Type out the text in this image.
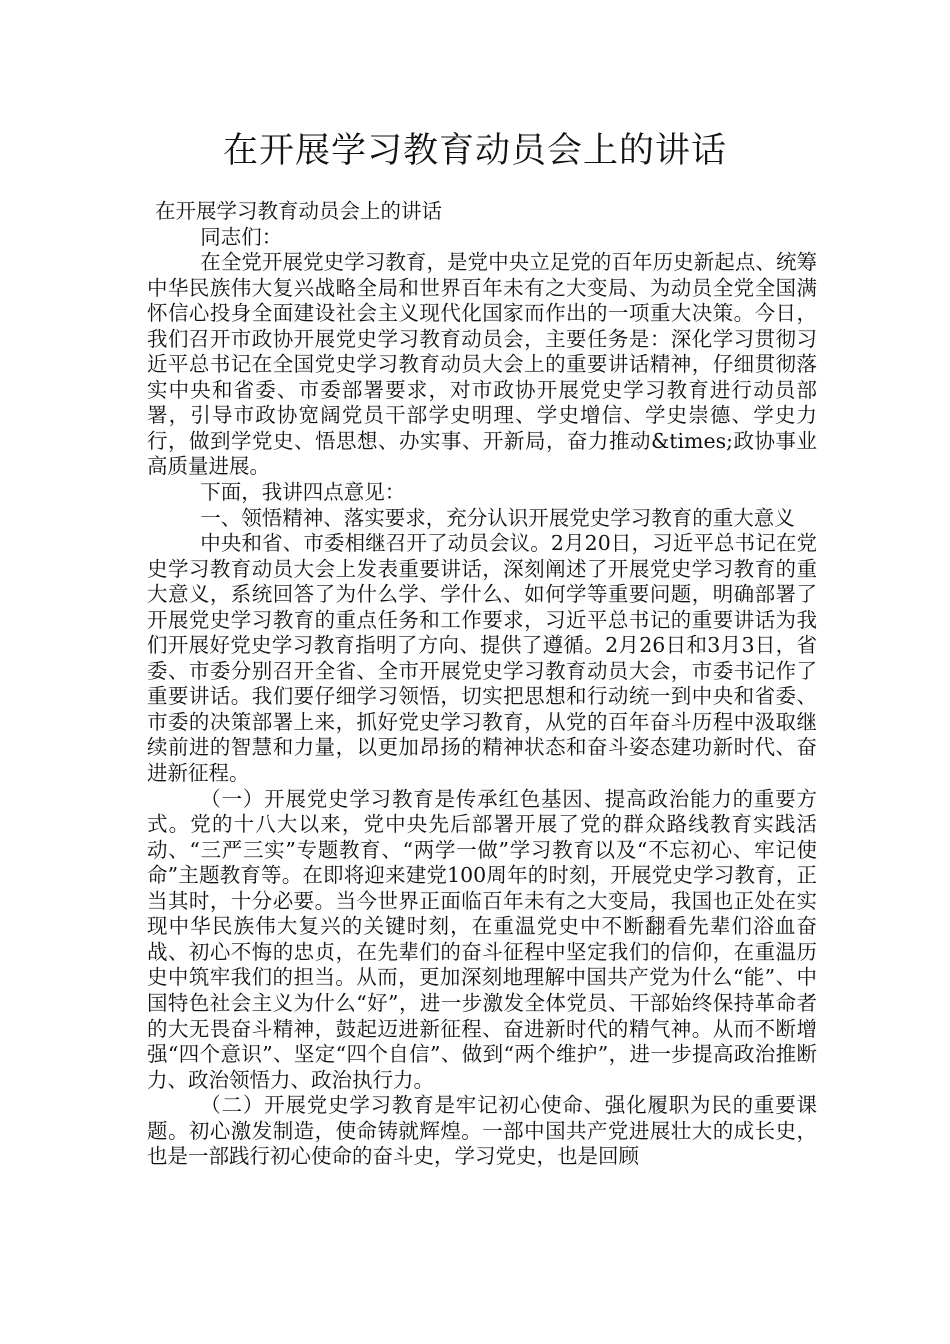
在开展学习教育动员会上的讲话

在开展学习教育动员会上的讲话

同志们：

在全党开展党史学习教育，是党中央立足党的百年历史新起点、统筹中华民族伟大复兴战略全局和世界百年未有之大变局、为动员全党全国满怀信心投身全面建设社会主义现代化国家而作出的一项重大决策。今日，我们召开市政协开展党史学习教育动员会，主要任务是：深化学习贯彻习近平总书记在全国党史学习教育动员大会上的重要讲话精神，仔细贯彻落实中央和省委、市委部署要求，对市政协开展党史学习教育进行动员部署，引导市政协宽阔党员干部学史明理、学史增信、学史崇德、学史力行，做到学党史、悟思想、办实事、开新局，奋力推动&times;政协事业高质量进展。

下面，我讲四点意见：

一、领悟精神、落实要求，充分认识开展党史学习教育的重大意义

中央和省、市委相继召开了动员会议。2月20日，习近平总书记在党史学习教育动员大会上发表重要讲话，深刻阐述了开展党史学习教育的重大意义，系统回答了为什么学、学什么、如何学等重要问题，明确部署了开展党史学习教育的重点任务和工作要求，习近平总书记的重要讲话为我们开展好党史学习教育指明了方向、提供了遵循。2月26日和3月3日，省委、市委分别召开全省、全市开展党史学习教育动员大会，市委书记作了重要讲话。我们要仔细学习领悟，切实把思想和行动统一到中央和省委、市委的决策部署上来，抓好党史学习教育，从党的百年奋斗历程中汲取继续前进的智慧和力量，以更加昂扬的精神状态和奋斗姿态建功新时代、奋进新征程。

（一）开展党史学习教育是传承红色基因、提高政治能力的重要方式。党的十八大以来，党中央先后部署开展了党的群众路线教育实践活动、“三严三实”专题教育、“两学一做”学习教育以及“不忘初心、牢记使命”主题教育等。在即将迎来建党100周年的时刻，开展党史学习教育，正当其时，十分必要。当今世界正面临百年未有之大变局，我国也正处在实现中华民族伟大复兴的关键时刻，在重温党史中不断翻看先辈们浴血奋战、初心不悔的忠贞，在先辈们的奋斗征程中坚定我们的信仰，在重温历史中筑牢我们的担当。从而，更加深刻地理解中国共产党为什么“能”、中国特色社会主义为什么“好”，进一步激发全体党员、干部始终保持革命者的大无畏奋斗精神，鼓起迈进新征程、奋进新时代的精气神。从而不断增强“四个意识”、坚定“四个自信”、做到“两个维护”，进一步提高政治推断力、政治领悟力、政治执行力。

（二）开展党史学习教育是牢记初心使命、强化履职为民的重要课题。初心激发制造，使命铸就辉煌。一部中国共产党进展壮大的成长史，也是一部践行初心使命的奋斗史，学习党史，也是回顾
